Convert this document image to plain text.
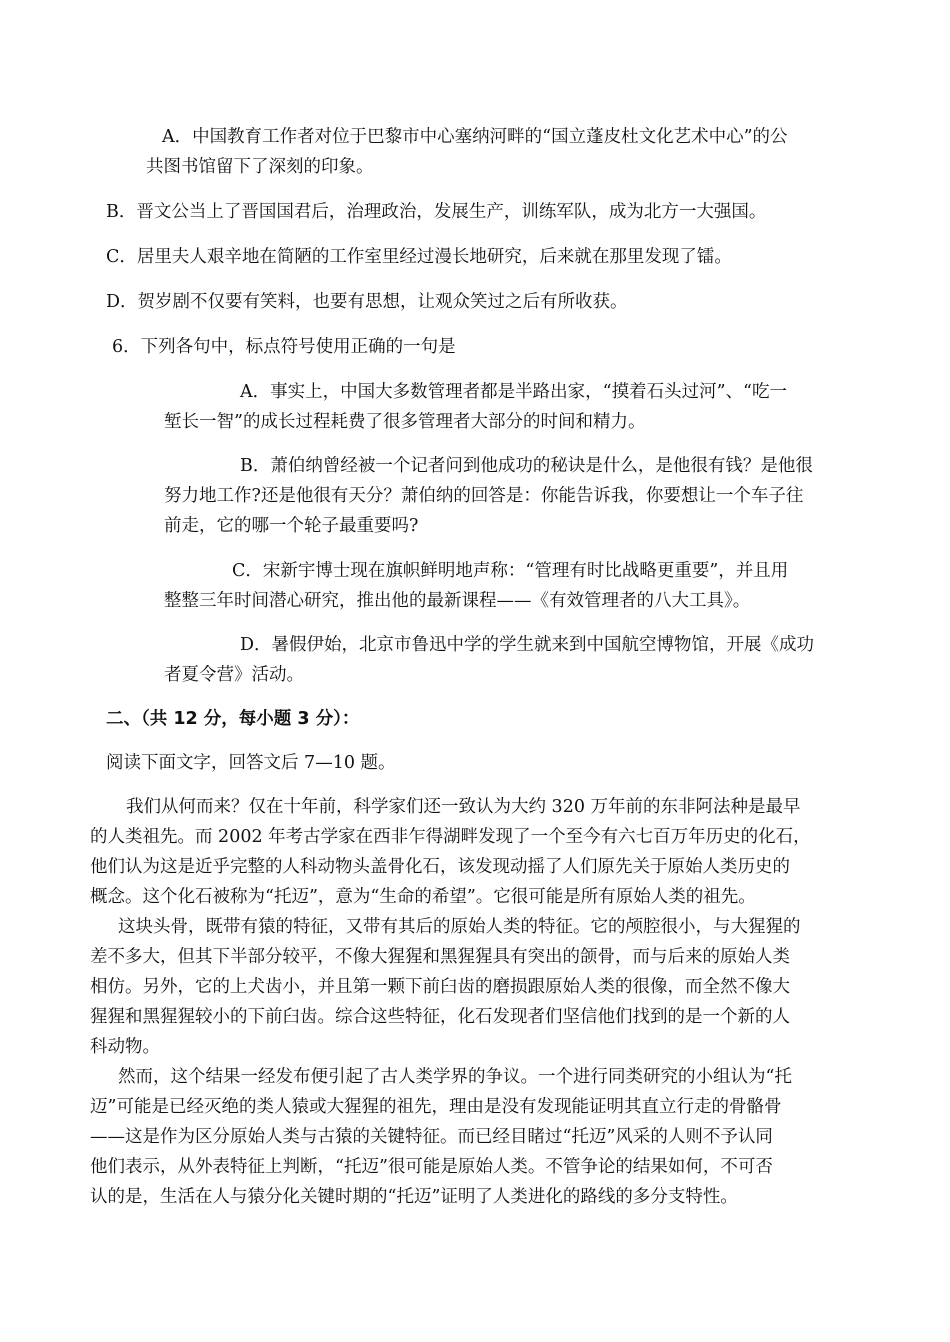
A．中国教育工作者对位于巴黎市中心塞纳河畔的“国立蓬皮杜文化艺术中心”的公
共图书馆留下了深刻的印象。
B．晋文公当上了晋国国君后，治理政治，发展生产，训练军队，成为北方一大强国。
C．居里夫人艰辛地在简陋的工作室里经过漫长地研究，后来就在那里发现了镭。
D．贺岁剧不仅要有笑料，也要有思想，让观众笑过之后有所收获。
6．下列各句中，标点符号使用正确的一句是
A．事实上，中国大多数管理者都是半路出家，“摸着石头过河”、“吃一
堑长一智”的成长过程耗费了很多管理者大部分的时间和精力。
B．萧伯纳曾经被一个记者问到他成功的秘诀是什么，是他很有钱？是他很
努力地工作?还是他很有天分？萧伯纳的回答是：你能告诉我，你要想让一个车子往
前走，它的哪一个轮子最重要吗?
C．宋新宇博士现在旗帜鲜明地声称：“管理有时比战略更重要”，并且用
整整三年时间潜心研究，推出他的最新课程——《有效管理者的八大工具》。
D．暑假伊始，北京市鲁迅中学的学生就来到中国航空博物馆，开展《成功
者夏令营》活动。
二、（共 12 分，每小题 3 分）：
阅读下面文字，回答文后 7—10 题。
我们从何而来？仅在十年前，科学家们还一致认为大约 320 万年前的东非阿法种是最早
的人类祖先。而 2002 年考古学家在西非乍得湖畔发现了一个至今有六七百万年历史的化石，
他们认为这是近乎完整的人科动物头盖骨化石，该发现动摇了人们原先关于原始人类历史的
概念。这个化石被称为“托迈”，意为“生命的希望”。它很可能是所有原始人类的祖先。
这块头骨，既带有猿的特征，又带有其后的原始人类的特征。它的颅腔很小，与大猩猩的
差不多大，但其下半部分较平，不像大猩猩和黑猩猩具有突出的颌骨，而与后来的原始人类
相仿。另外，它的上犬齿小，并且第一颗下前臼齿的磨损跟原始人类的很像，而全然不像大
猩猩和黑猩猩较小的下前臼齿。综合这些特征，化石发现者们坚信他们找到的是一个新的人
科动物。
然而，这个结果一经发布便引起了古人类学界的争议。一个进行同类研究的小组认为“托
迈”可能是已经灭绝的类人猿或大猩猩的祖先，理由是没有发现能证明其直立行走的骨骼骨
——这是作为区分原始人类与古猿的关键特征。而已经目睹过“托迈”风采的人则不予认同
他们表示，从外表特征上判断，“托迈”很可能是原始人类。不管争论的结果如何，不可否
认的是，生活在人与猿分化关键时期的“托迈”证明了人类进化的路线的多分支特性。
